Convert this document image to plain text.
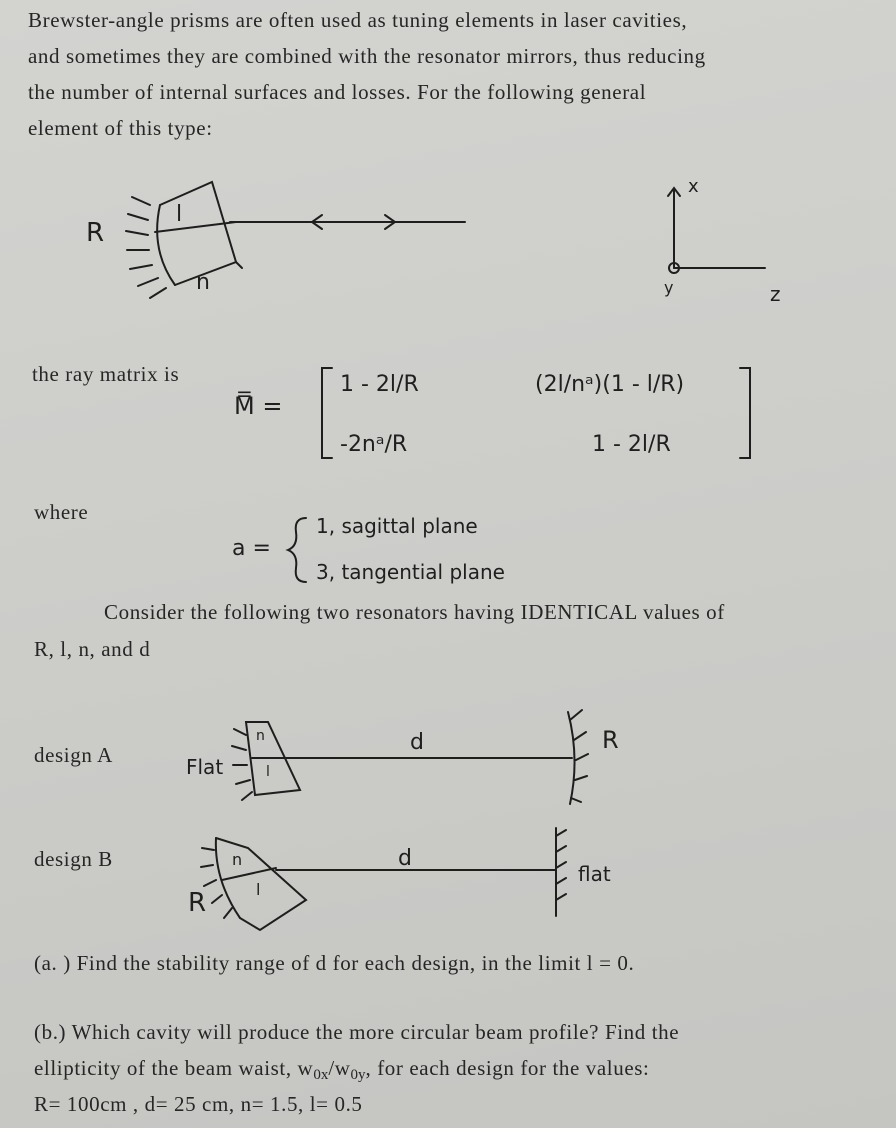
Brewster-angle prisms are often used as tuning elements in laser cavities,
and sometimes they are combined with the resonator mirrors, thus reducing
the number of internal surfaces and losses. For the following general
element of this type:
R
l
n
x
y	z
the ray matrix is
M̿ =
1 - 2l/R	(2l/nᵃ)(1 - l/R)
-2nᵃ/R	1 - 2l/R
where
a =
1, sagittal plane
3, tangential plane
Consider the following two resonators having IDENTICAL values of
R, l, n, and d
design A	Flat
n
l
d	R
design B
R
n
l
d
flat
(a. ) Find the stability range of d for each design, in the limit l = 0.
(b.) Which cavity will produce the more circular beam profile? Find the
ellipticity of the beam waist, $w_{0x}/w_{0y}$, for each design for the values:
R= 100cm , d= 25 cm, n= 1.5, l= 0.5
